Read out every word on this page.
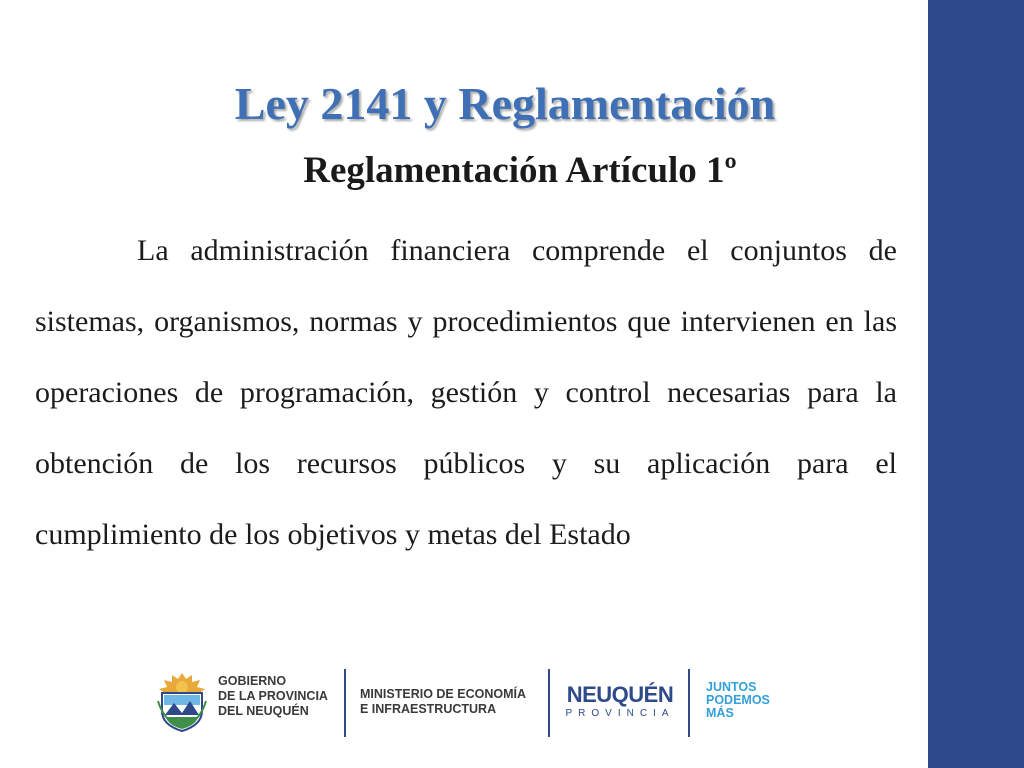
Ley 2141 y Reglamentación
Reglamentación Artículo 1º

La administración financiera comprende el conjuntos de sistemas, organismos, normas y procedimientos que intervienen en las operaciones de programación, gestión y control necesarias para la obtención de los recursos públicos y su aplicación para el cumplimiento de los objetivos y metas del Estado

GOBIERNO
DE LA PROVINCIA
DEL NEUQUÉN
MINISTERIO DE ECONOMÍA
E INFRAESTRUCTURA
NEUQUÉN
PROVINCIA
JUNTOS
PODEMOS
MÁS
